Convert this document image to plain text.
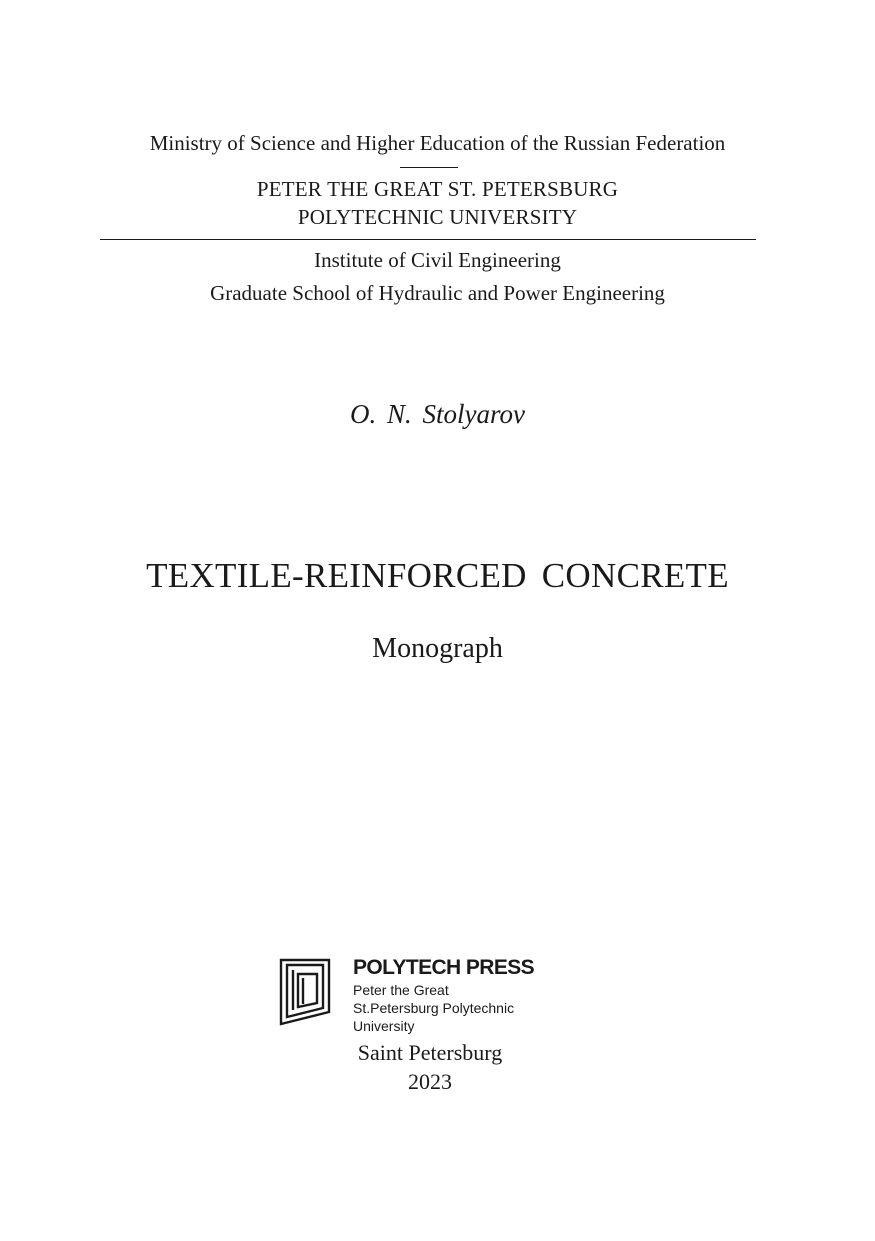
Ministry of Science and Higher Education of the Russian Federation
PETER THE GREAT ST. PETERSBURG
POLYTECHNIC UNIVERSITY
Institute of Civil Engineering
Graduate School of Hydraulic and Power Engineering
O. N. Stolyarov
TEXTILE-REINFORCED CONCRETE
Monograph
POLYTECH PRESS
Peter the Great
St.Petersburg Polytechnic
University
Saint Petersburg
2023
